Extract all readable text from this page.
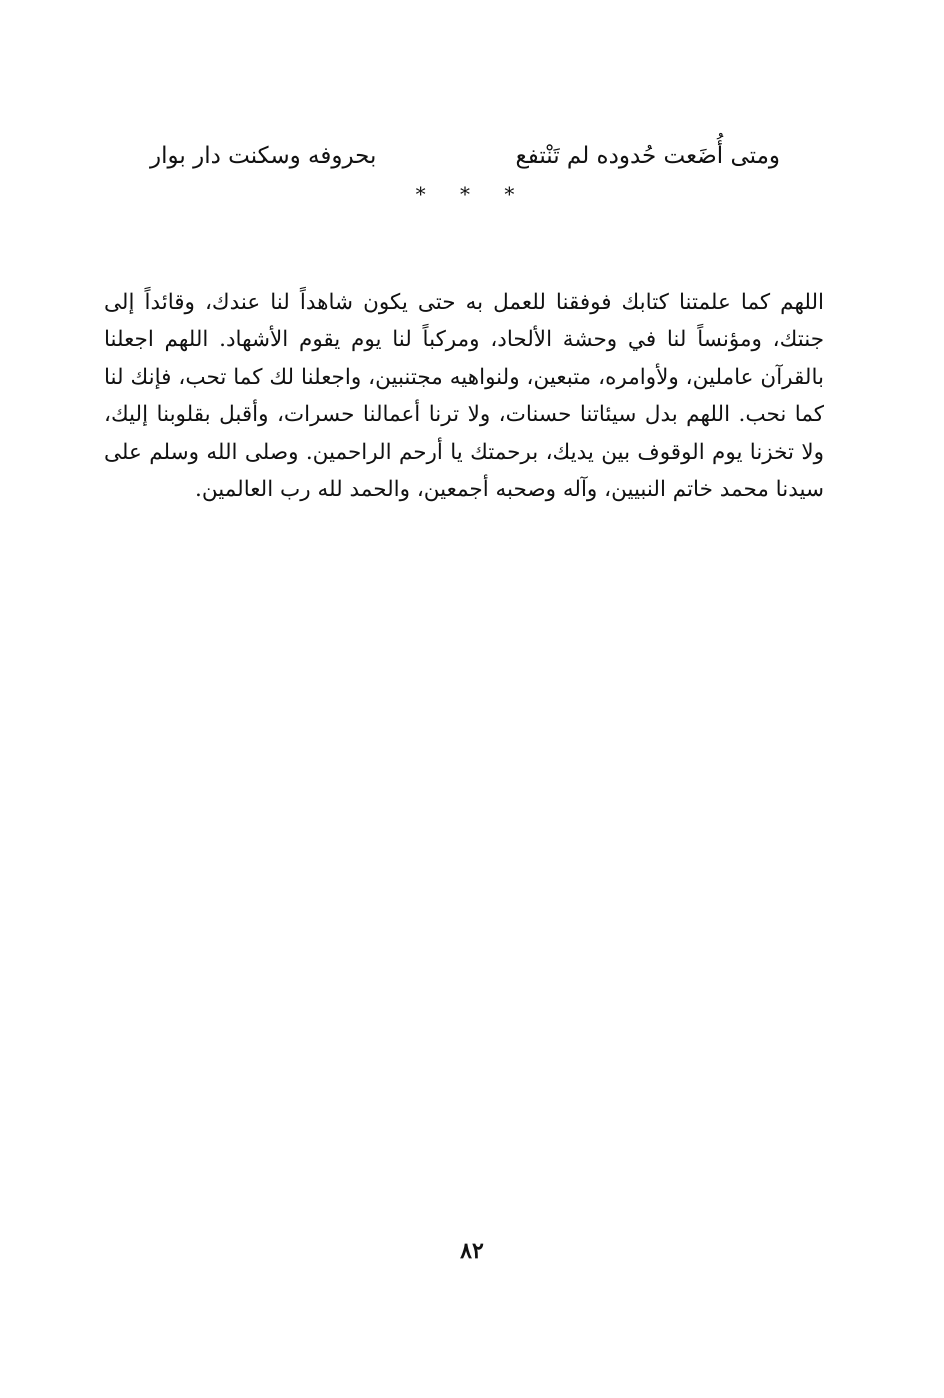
ومتى أُضَعت حُدوده لم تَنْتفع
بحروفه وسكنت دار بوار
* * *

اللهم كما علمتنا كتابك فوفقنا للعمل به حتى يكون شاهداً لنا عندك، وقائداً إلى جنتك، ومؤنساً لنا في وحشة الألحاد، ومركباً لنا يوم يقوم الأشهاد. اللهم اجعلنا بالقرآن عاملين، ولأوامره، متبعين، ولنواهيه مجتنبين، واجعلنا لك كما تحب، فإنك لنا كما نحب. اللهم بدل سيئاتنا حسنات، ولا ترنا أعمالنا حسرات، وأقبل بقلوبنا إليك، ولا تخزنا يوم الوقوف بين يديك، برحمتك يا أرحم الراحمين. وصلى الله وسلم على سيدنا محمد خاتم النبيين، وآله وصحبه أجمعين، والحمد لله رب العالمين.

٨٢
